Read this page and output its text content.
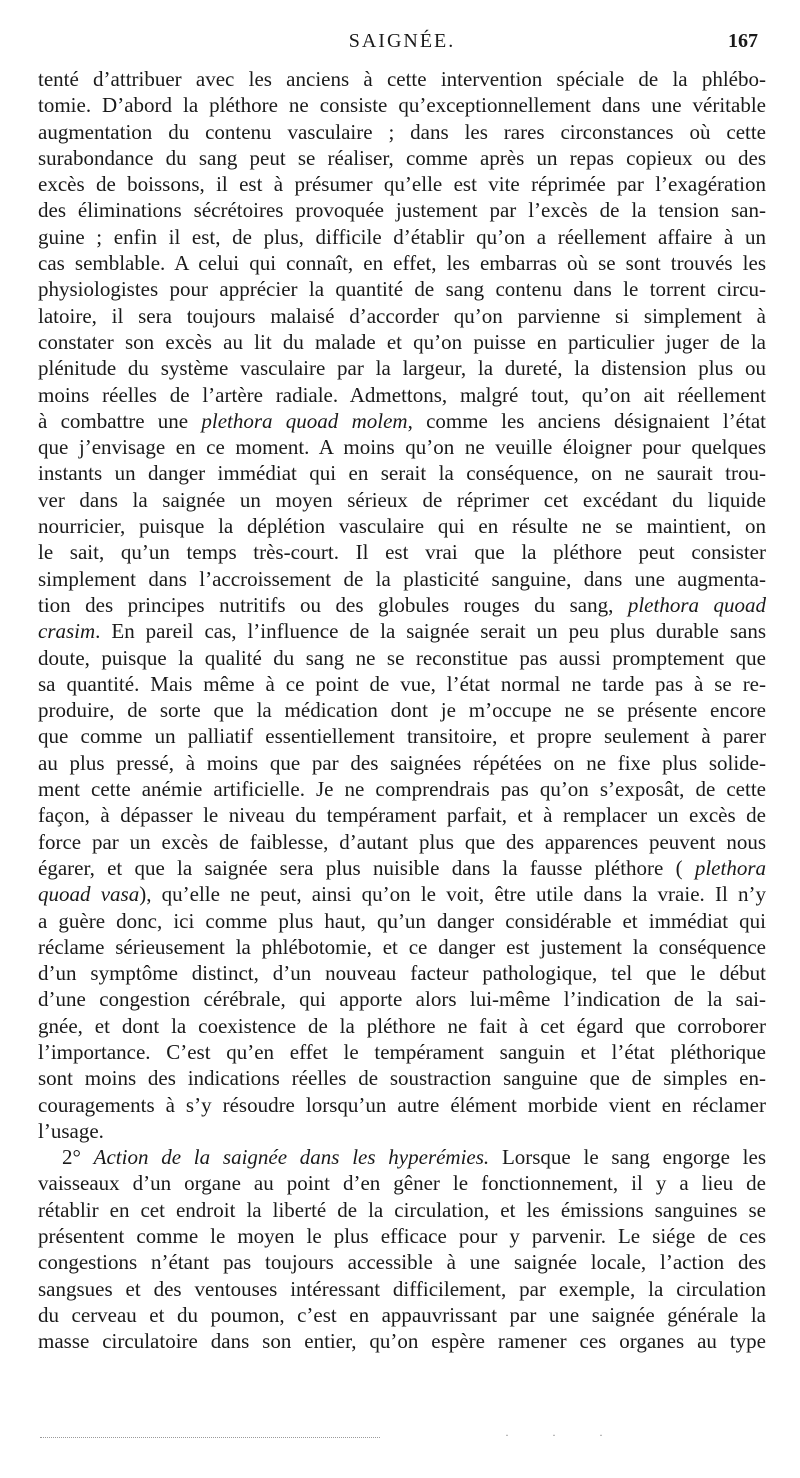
SAIGNÉE.	167
tenté d’attribuer avec les anciens à cette intervention spéciale de la phlébo-
tomie. D’abord la pléthore ne consiste qu’exceptionnellement dans une véritable
augmentation du contenu vasculaire ; dans les rares circonstances où cette
surabondance du sang peut se réaliser, comme après un repas copieux ou des
excès de boissons, il est à présumer qu’elle est vite réprimée par l’exagération
des éliminations sécrétoires provoquée justement par l’excès de la tension san-
guine ; enfin il est, de plus, difficile d’établir qu’on a réellement affaire à un
cas semblable. A celui qui connaît, en effet, les embarras où se sont trouvés les
physiologistes pour apprécier la quantité de sang contenu dans le torrent circu-
latoire, il sera toujours malaisé d’accorder qu’on parvienne si simplement à
constater son excès au lit du malade et qu’on puisse en particulier juger de la
plénitude du système vasculaire par la largeur, la dureté, la distension plus ou
moins réelles de l’artère radiale. Admettons, malgré tout, qu’on ait réellement
à combattre une plethora quoad molem, comme les anciens désignaient l’état
que j’envisage en ce moment. A moins qu’on ne veuille éloigner pour quelques
instants un danger immédiat qui en serait la conséquence, on ne saurait trou-
ver dans la saignée un moyen sérieux de réprimer cet excédant du liquide
nourricier, puisque la déplétion vasculaire qui en résulte ne se maintient, on
le sait, qu’un temps très-court. Il est vrai que la pléthore peut consister
simplement dans l’accroissement de la plasticité sanguine, dans une augmenta-
tion des principes nutritifs ou des globules rouges du sang, plethora quoad
crasim. En pareil cas, l’influence de la saignée serait un peu plus durable sans
doute, puisque la qualité du sang ne se reconstitue pas aussi promptement que
sa quantité. Mais même à ce point de vue, l’état normal ne tarde pas à se re-
produire, de sorte que la médication dont je m’occupe ne se présente encore
que comme un palliatif essentiellement transitoire, et propre seulement à parer
au plus pressé, à moins que par des saignées répétées on ne fixe plus solide-
ment cette anémie artificielle. Je ne comprendrais pas qu’on s’exposât, de cette
façon, à dépasser le niveau du tempérament parfait, et à remplacer un excès de
force par un excès de faiblesse, d’autant plus que des apparences peuvent nous
égarer, et que la saignée sera plus nuisible dans la fausse pléthore ( plethora
quoad vasa), qu’elle ne peut, ainsi qu’on le voit, être utile dans la vraie. Il n’y
a guère donc, ici comme plus haut, qu’un danger considérable et immédiat qui
réclame sérieusement la phlébotomie, et ce danger est justement la conséquence
d’un symptôme distinct, d’un nouveau facteur pathologique, tel que le début
d’une congestion cérébrale, qui apporte alors lui-même l’indication de la sai-
gnée, et dont la coexistence de la pléthore ne fait à cet égard que corroborer
l’importance. C’est qu’en effet le tempérament sanguin et l’état pléthorique
sont moins des indications réelles de soustraction sanguine que de simples en-
couragements à s’y résoudre lorsqu’un autre élément morbide vient en réclamer
l’usage.
2° Action de la saignée dans les hyperémies. Lorsque le sang engorge les
vaisseaux d’un organe au point d’en gêner le fonctionnement, il y a lieu de
rétablir en cet endroit la liberté de la circulation, et les émissions sanguines se
présentent comme le moyen le plus efficace pour y parvenir. Le siége de ces
congestions n’étant pas toujours accessible à une saignée locale, l’action des
sangsues et des ventouses intéressant difficilement, par exemple, la circulation
du cerveau et du poumon, c’est en appauvrissant par une saignée générale la
masse circulatoire dans son entier, qu’on espère ramener ces organes au type
· · ·
